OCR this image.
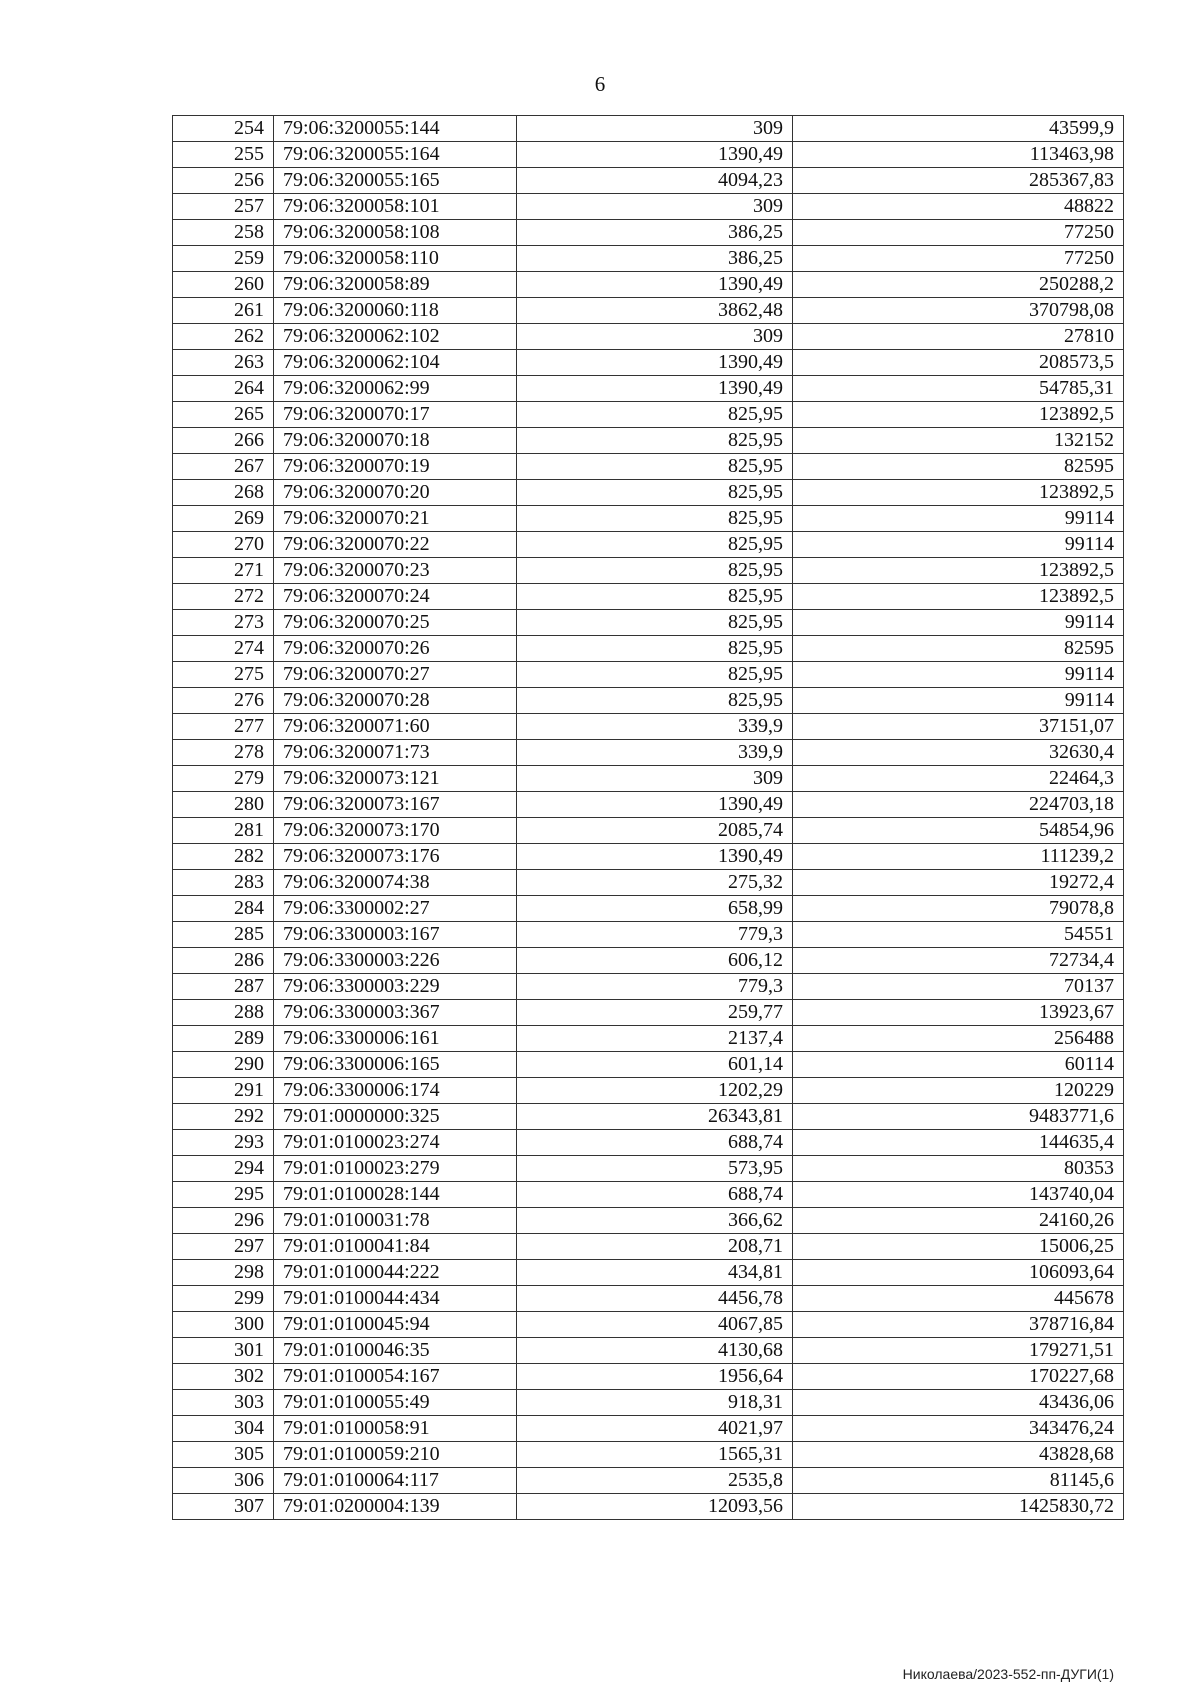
6
254	79:06:3200055:144	309	43599,9
255	79:06:3200055:164	1390,49	113463,98
256	79:06:3200055:165	4094,23	285367,83
257	79:06:3200058:101	309	48822
258	79:06:3200058:108	386,25	77250
259	79:06:3200058:110	386,25	77250
260	79:06:3200058:89	1390,49	250288,2
261	79:06:3200060:118	3862,48	370798,08
262	79:06:3200062:102	309	27810
263	79:06:3200062:104	1390,49	208573,5
264	79:06:3200062:99	1390,49	54785,31
265	79:06:3200070:17	825,95	123892,5
266	79:06:3200070:18	825,95	132152
267	79:06:3200070:19	825,95	82595
268	79:06:3200070:20	825,95	123892,5
269	79:06:3200070:21	825,95	99114
270	79:06:3200070:22	825,95	99114
271	79:06:3200070:23	825,95	123892,5
272	79:06:3200070:24	825,95	123892,5
273	79:06:3200070:25	825,95	99114
274	79:06:3200070:26	825,95	82595
275	79:06:3200070:27	825,95	99114
276	79:06:3200070:28	825,95	99114
277	79:06:3200071:60	339,9	37151,07
278	79:06:3200071:73	339,9	32630,4
279	79:06:3200073:121	309	22464,3
280	79:06:3200073:167	1390,49	224703,18
281	79:06:3200073:170	2085,74	54854,96
282	79:06:3200073:176	1390,49	111239,2
283	79:06:3200074:38	275,32	19272,4
284	79:06:3300002:27	658,99	79078,8
285	79:06:3300003:167	779,3	54551
286	79:06:3300003:226	606,12	72734,4
287	79:06:3300003:229	779,3	70137
288	79:06:3300003:367	259,77	13923,67
289	79:06:3300006:161	2137,4	256488
290	79:06:3300006:165	601,14	60114
291	79:06:3300006:174	1202,29	120229
292	79:01:0000000:325	26343,81	9483771,6
293	79:01:0100023:274	688,74	144635,4
294	79:01:0100023:279	573,95	80353
295	79:01:0100028:144	688,74	143740,04
296	79:01:0100031:78	366,62	24160,26
297	79:01:0100041:84	208,71	15006,25
298	79:01:0100044:222	434,81	106093,64
299	79:01:0100044:434	4456,78	445678
300	79:01:0100045:94	4067,85	378716,84
301	79:01:0100046:35	4130,68	179271,51
302	79:01:0100054:167	1956,64	170227,68
303	79:01:0100055:49	918,31	43436,06
304	79:01:0100058:91	4021,97	343476,24
305	79:01:0100059:210	1565,31	43828,68
306	79:01:0100064:117	2535,8	81145,6
307	79:01:0200004:139	12093,56	1425830,72
Николаева/2023-552-пп-ДУГИ(1)
